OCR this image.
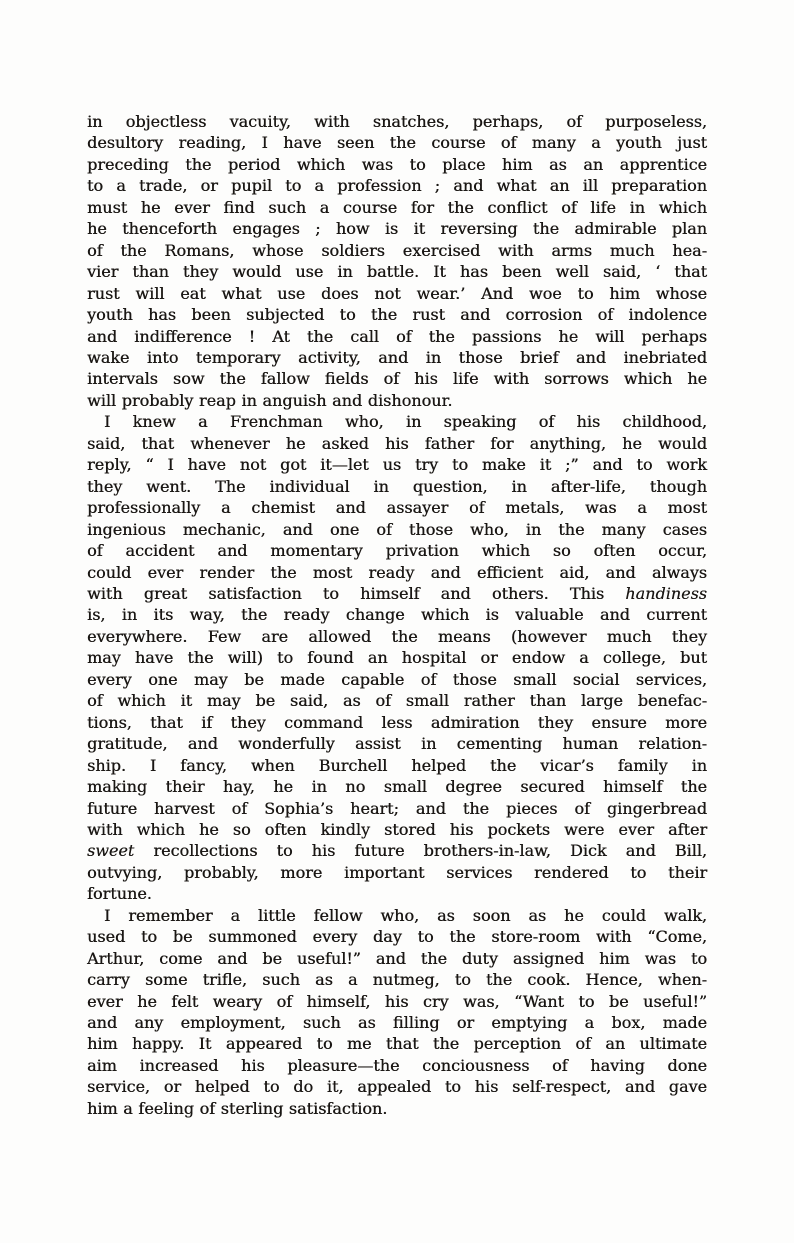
in objectless vacuity, with snatches, perhaps, of purposeless,
desultory reading, I have seen the course of many a youth just
preceding the period which was to place him as an apprentice
to a trade, or pupil to a profession ; and what an ill preparation
must he ever find such a course for the conflict of life in which
he thenceforth engages ; how is it reversing the admirable plan
of the Romans, whose soldiers exercised with arms much hea-
vier than they would use in battle. It has been well said, ‘ that
rust will eat what use does not wear.’ And woe to him whose
youth has been subjected to the rust and corrosion of indolence
and indifference ! At the call of the passions he will perhaps
wake into temporary activity, and in those brief and inebriated
intervals sow the fallow fields of his life with sorrows which he
will probably reap in anguish and dishonour.
I knew a Frenchman who, in speaking of his childhood,
said, that whenever he asked his father for anything, he would
reply, “ I have not got it—let us try to make it ;” and to work
they went. The individual in question, in after-life, though
professionally a chemist and assayer of metals, was a most
ingenious mechanic, and one of those who, in the many cases
of accident and momentary privation which so often occur,
could ever render the most ready and efficient aid, and always
with great satisfaction to himself and others. This handiness
is, in its way, the ready change which is valuable and current
everywhere. Few are allowed the means (however much they
may have the will) to found an hospital or endow a college, but
every one may be made capable of those small social services,
of which it may be said, as of small rather than large benefac-
tions, that if they command less admiration they ensure more
gratitude, and wonderfully assist in cementing human relation-
ship. I fancy, when Burchell helped the vicar’s family in
making their hay, he in no small degree secured himself the
future harvest of Sophia’s heart; and the pieces of gingerbread
with which he so often kindly stored his pockets were ever after
sweet recollections to his future brothers-in-law, Dick and Bill,
outvying, probably, more important services rendered to their
fortune.
I remember a little fellow who, as soon as he could walk,
used to be summoned every day to the store-room with “Come,
Arthur, come and be useful!” and the duty assigned him was to
carry some trifle, such as a nutmeg, to the cook. Hence, when-
ever he felt weary of himself, his cry was, “Want to be useful!”
and any employment, such as filling or emptying a box, made
him happy. It appeared to me that the perception of an ultimate
aim increased his pleasure—the conciousness of having done
service, or helped to do it, appealed to his self-respect, and gave
him a feeling of sterling satisfaction.
